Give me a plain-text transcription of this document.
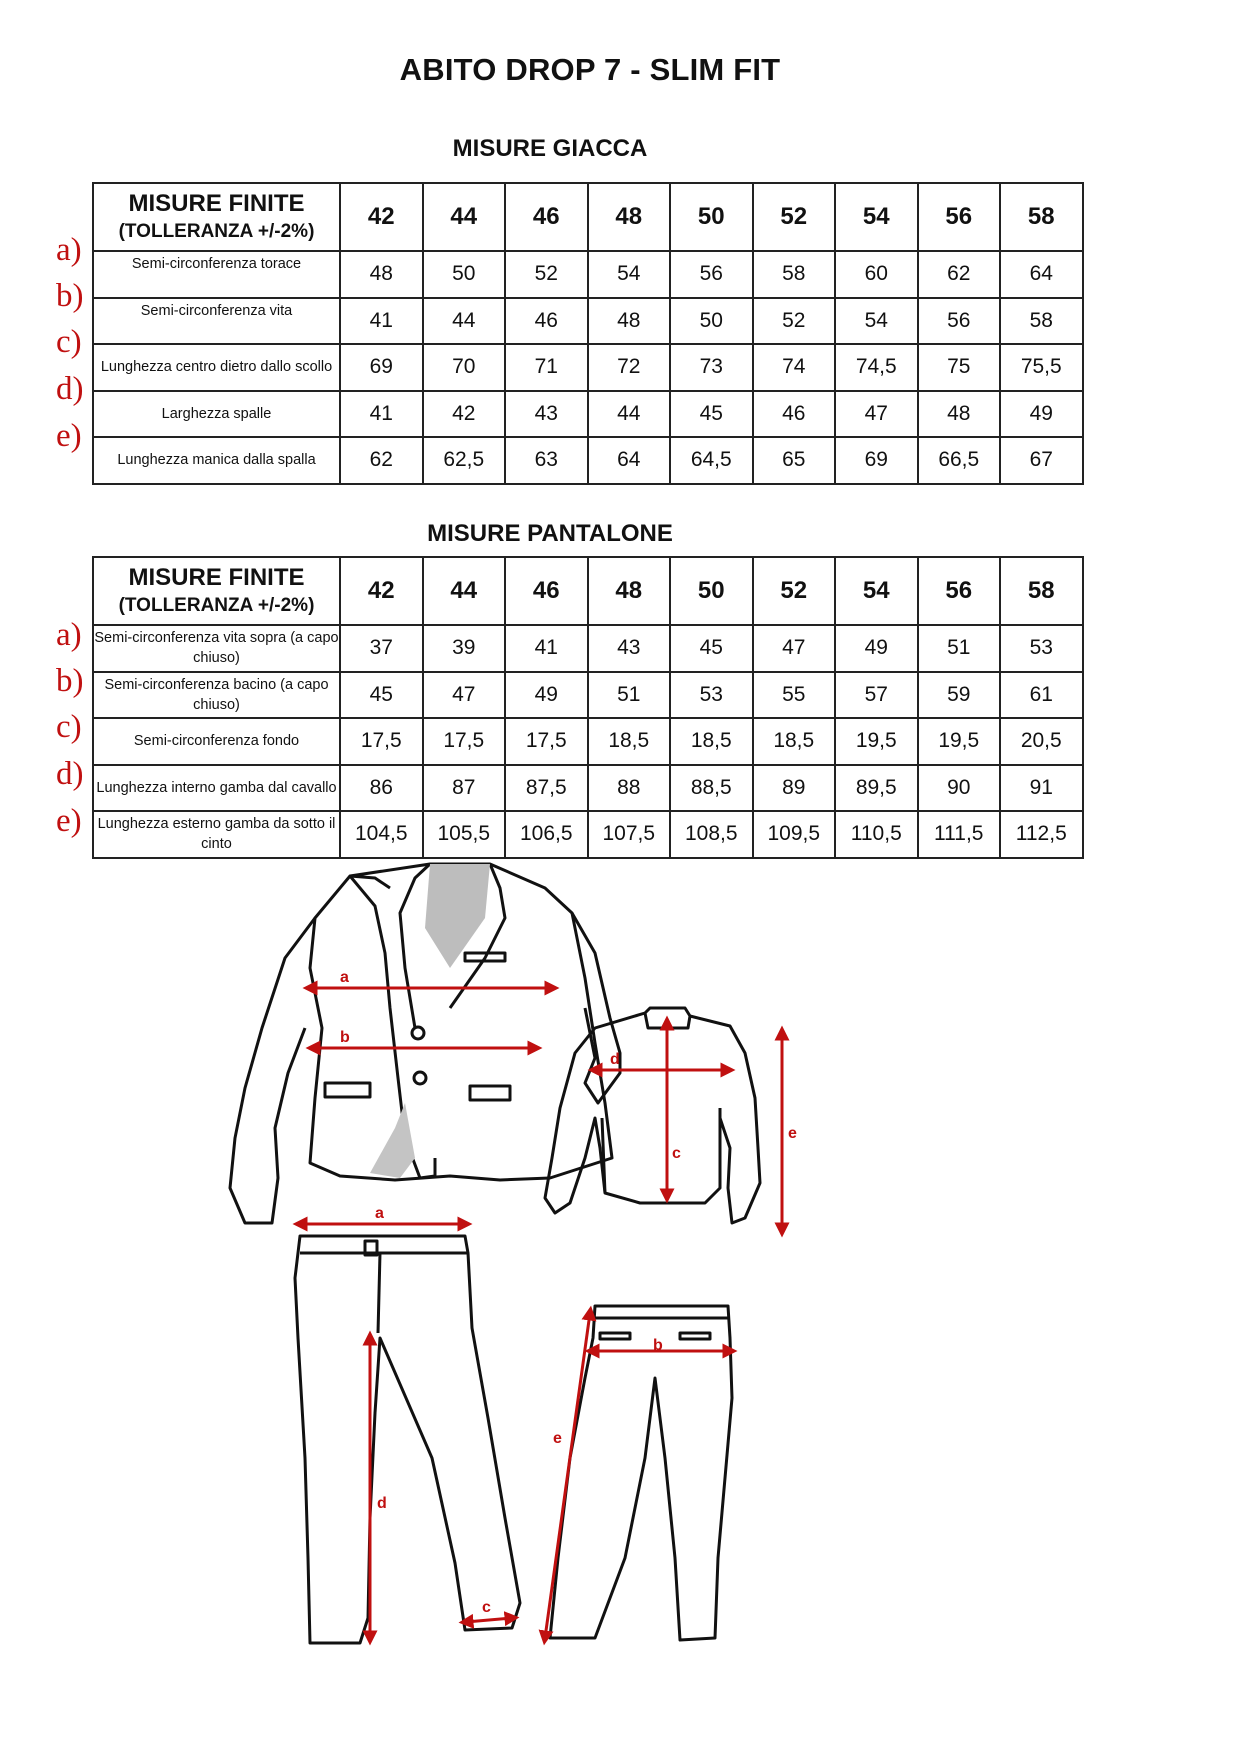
ABITO DROP 7 - SLIM FIT
MISURE GIACCA
a)
b)
c)
d)
e)
MISURE FINITE
(TOLLERANZA +/-2%)	42	44	46	48	50	52	54	56	58
Semi-circonferenza torace	48	50	52	54	56	58	60	62	64
Semi-circonferenza vita	41	44	46	48	50	52	54	56	58
Lunghezza centro dietro dallo scollo	69	70	71	72	73	74	74,5	75	75,5
Larghezza spalle	41	42	43	44	45	46	47	48	49
Lunghezza manica dalla spalla	62	62,5	63	64	64,5	65	69	66,5	67
MISURE PANTALONE
a)
b)
c)
d)
e)
MISURE FINITE
(TOLLERANZA +/-2%)	42	44	46	48	50	52	54	56	58
Semi-circonferenza vita sopra (a capo chiuso)	37	39	41	43	45	47	49	51	53
Semi-circonferenza bacino (a capo chiuso)	45	47	49	51	53	55	57	59	61
Semi-circonferenza fondo	17,5	17,5	17,5	18,5	18,5	18,5	19,5	19,5	20,5
Lunghezza interno gamba dal cavallo	86	87	87,5	88	88,5	89	89,5	90	91
Lunghezza esterno gamba da sotto il cinto	104,5	105,5	106,5	107,5	108,5	109,5	110,5	111,5	112,5
a
b
d
c
e
a
d
c
b
e
